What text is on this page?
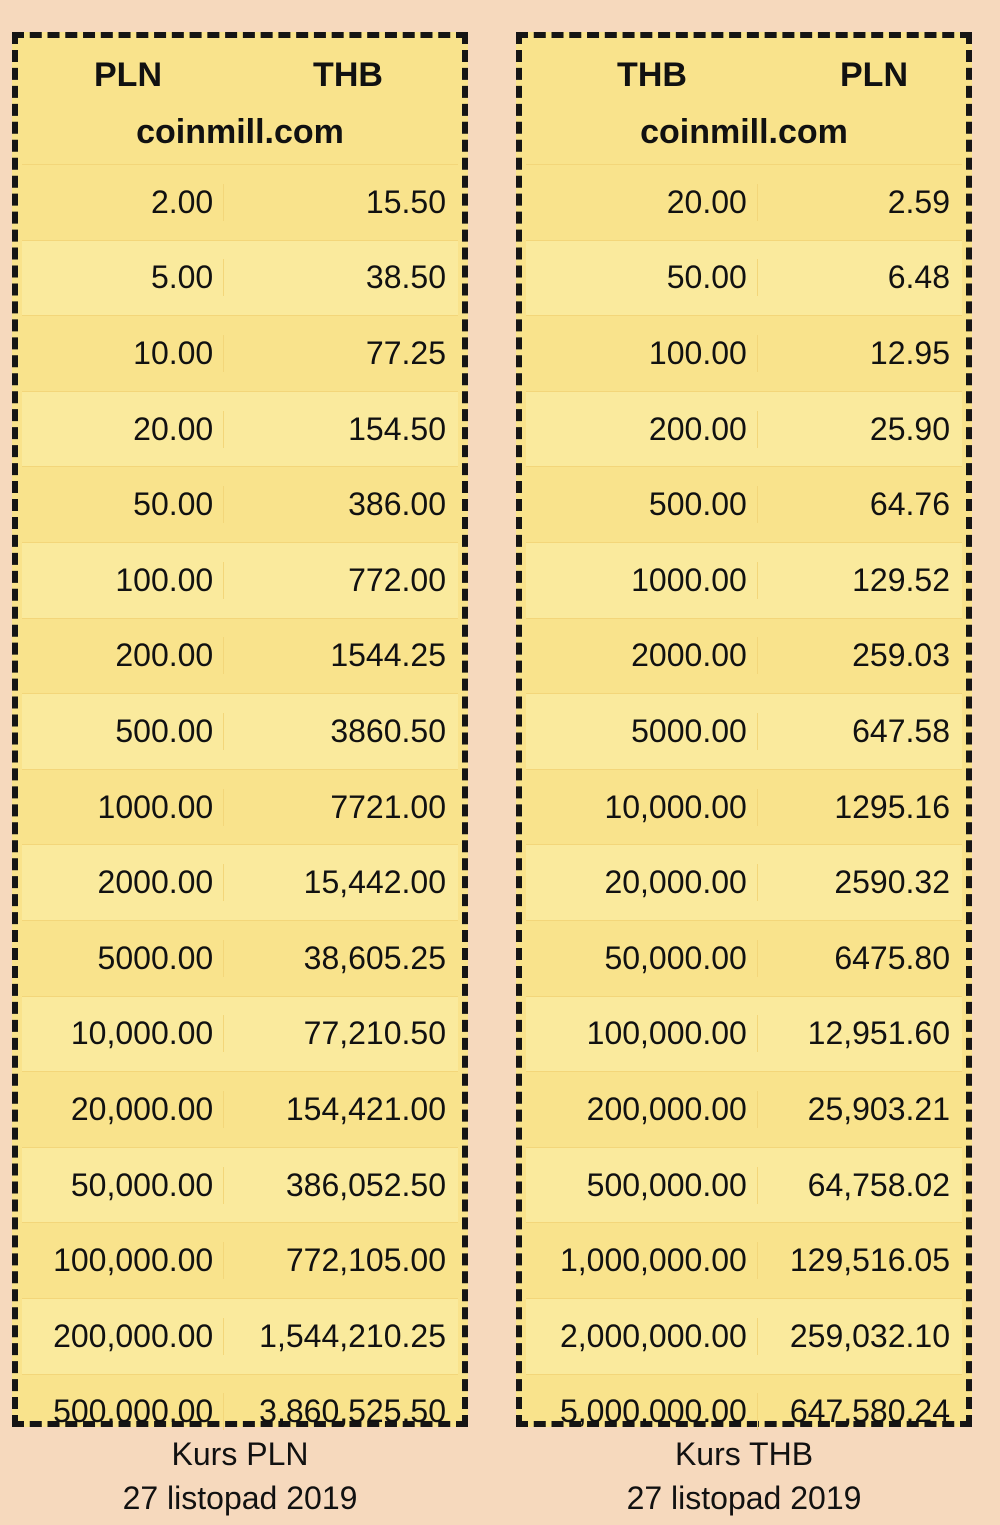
PLN	THB
coinmill.com
2.00	15.50
5.00	38.50
10.00	77.25
20.00	154.50
50.00	386.00
100.00	772.00
200.00	1544.25
500.00	3860.50
1000.00	7721.00
2000.00	15,442.00
5000.00	38,605.25
10,000.00	77,210.50
20,000.00	154,421.00
50,000.00	386,052.50
100,000.00	772,105.00
200,000.00	1,544,210.25
500,000.00	3,860,525.50
THB	PLN
coinmill.com
20.00	2.59
50.00	6.48
100.00	12.95
200.00	25.90
500.00	64.76
1000.00	129.52
2000.00	259.03
5000.00	647.58
10,000.00	1295.16
20,000.00	2590.32
50,000.00	6475.80
100,000.00	12,951.60
200,000.00	25,903.21
500,000.00	64,758.02
1,000,000.00	129,516.05
2,000,000.00	259,032.10
5,000,000.00	647,580.24
Kurs PLN
27 listopad 2019
Kurs THB
27 listopad 2019
